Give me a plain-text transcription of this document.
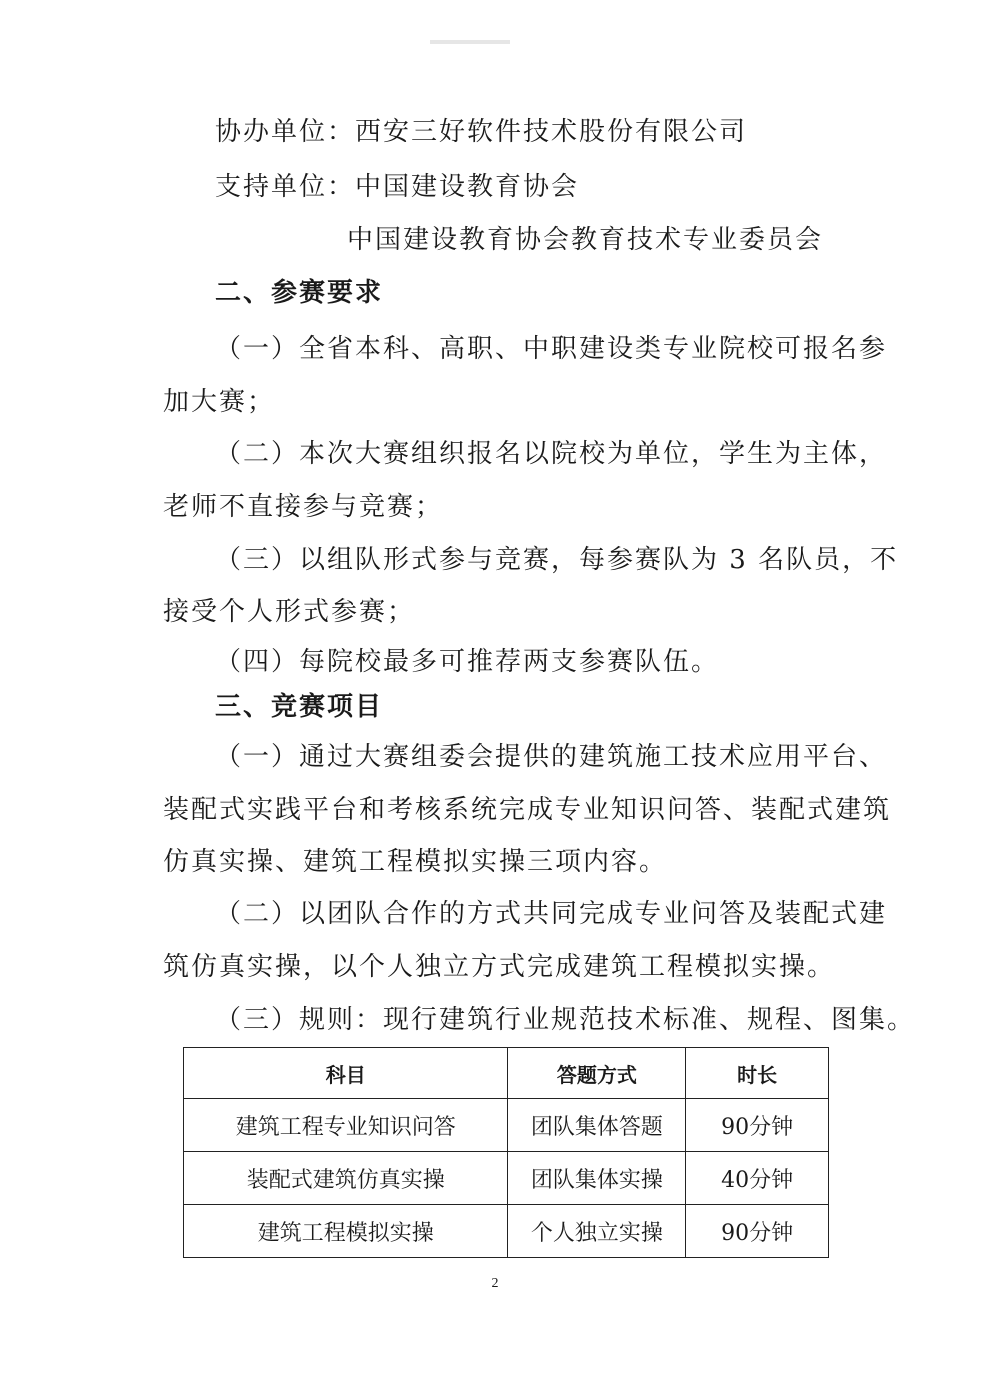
协办单位：西安三好软件技术股份有限公司
支持单位：中国建设教育协会
中国建设教育协会教育技术专业委员会
二、参赛要求
（一）全省本科、高职、中职建设类专业院校可报名参
加大赛；
（二）本次大赛组织报名以院校为单位，学生为主体，
老师不直接参与竞赛；
（三）以组队形式参与竞赛，每参赛队为 3 名队员，不
接受个人形式参赛；
（四）每院校最多可推荐两支参赛队伍。
三、竞赛项目
（一）通过大赛组委会提供的建筑施工技术应用平台、
装配式实践平台和考核系统完成专业知识问答、装配式建筑
仿真实操、建筑工程模拟实操三项内容。
（二）以团队合作的方式共同完成专业问答及装配式建
筑仿真实操，以个人独立方式完成建筑工程模拟实操。
（三）规则：现行建筑行业规范技术标准、规程、图集。
科目	答题方式	时长
建筑工程专业知识问答	团队集体答题	90分钟
装配式建筑仿真实操	团队集体实操	40分钟
建筑工程模拟实操	个人独立实操	90分钟
2
